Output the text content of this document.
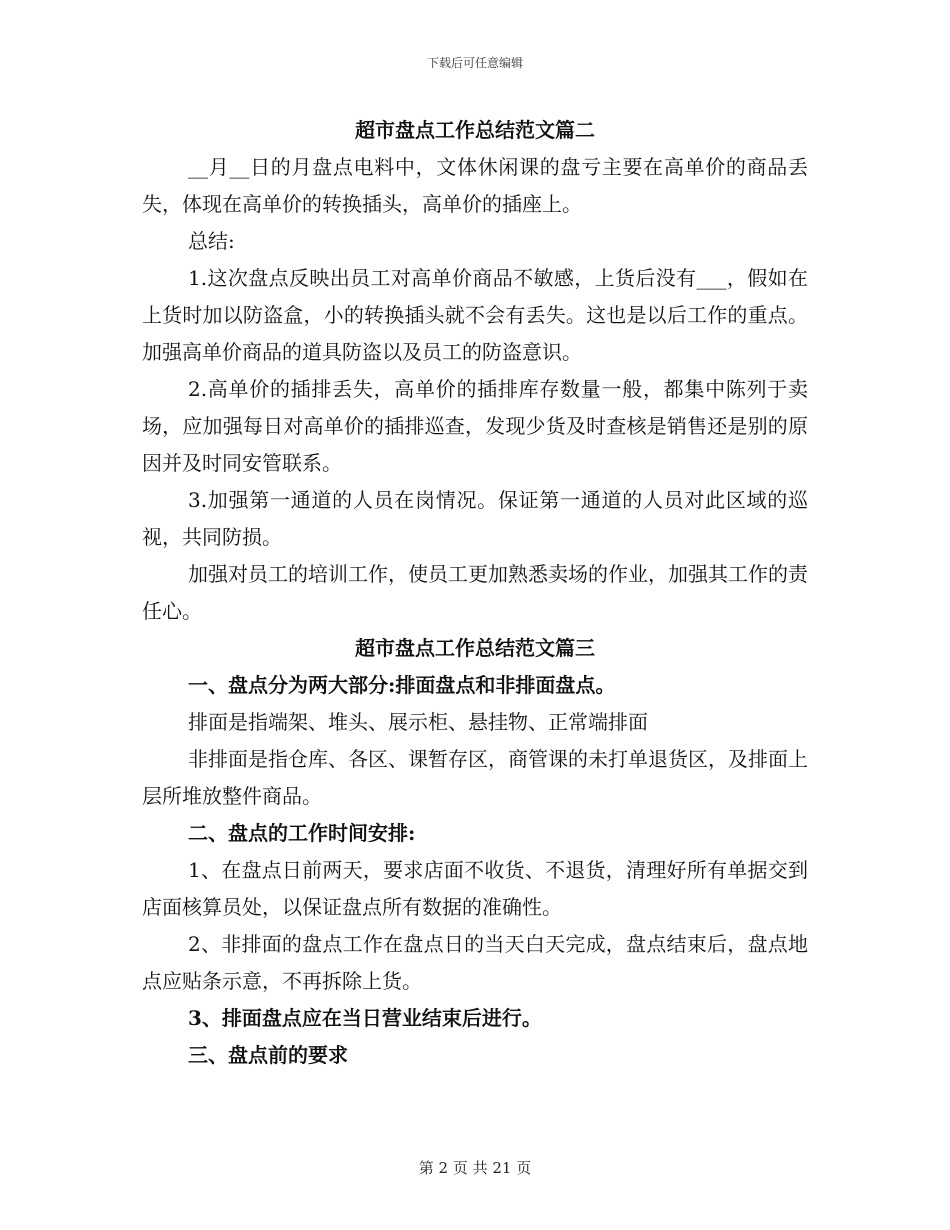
下载后可任意编辑

超市盘点工作总结范文篇二

__月__日的月盘点电料中，文体休闲课的盘亏主要在高单价的商品丢失，体现在高单价的转换插头，高单价的插座上。

总结:

1.这次盘点反映出员工对高单价商品不敏感，上货后没有___，假如在上货时加以防盗盒，小的转换插头就不会有丢失。这也是以后工作的重点。加强高单价商品的道具防盗以及员工的防盗意识。

2.高单价的插排丢失，高单价的插排库存数量一般，都集中陈列于卖场，应加强每日对高单价的插排巡查，发现少货及时查核是销售还是别的原因并及时同安管联系。

3.加强第一通道的人员在岗情况。保证第一通道的人员对此区域的巡视，共同防损。

加强对员工的培训工作，使员工更加熟悉卖场的作业，加强其工作的责任心。

超市盘点工作总结范文篇三

一、盘点分为两大部分:排面盘点和非排面盘点。

排面是指端架、堆头、展示柜、悬挂物、正常端排面

非排面是指仓库、各区、课暂存区，商管课的未打单退货区，及排面上层所堆放整件商品。

二、盘点的工作时间安排:

1、在盘点日前两天，要求店面不收货、不退货，清理好所有单据交到店面核算员处，以保证盘点所有数据的准确性。

2、非排面的盘点工作在盘点日的当天白天完成，盘点结束后，盘点地点应贴条示意，不再拆除上货。

3、排面盘点应在当日营业结束后进行。

三、盘点前的要求

第 2 页 共 21 页
